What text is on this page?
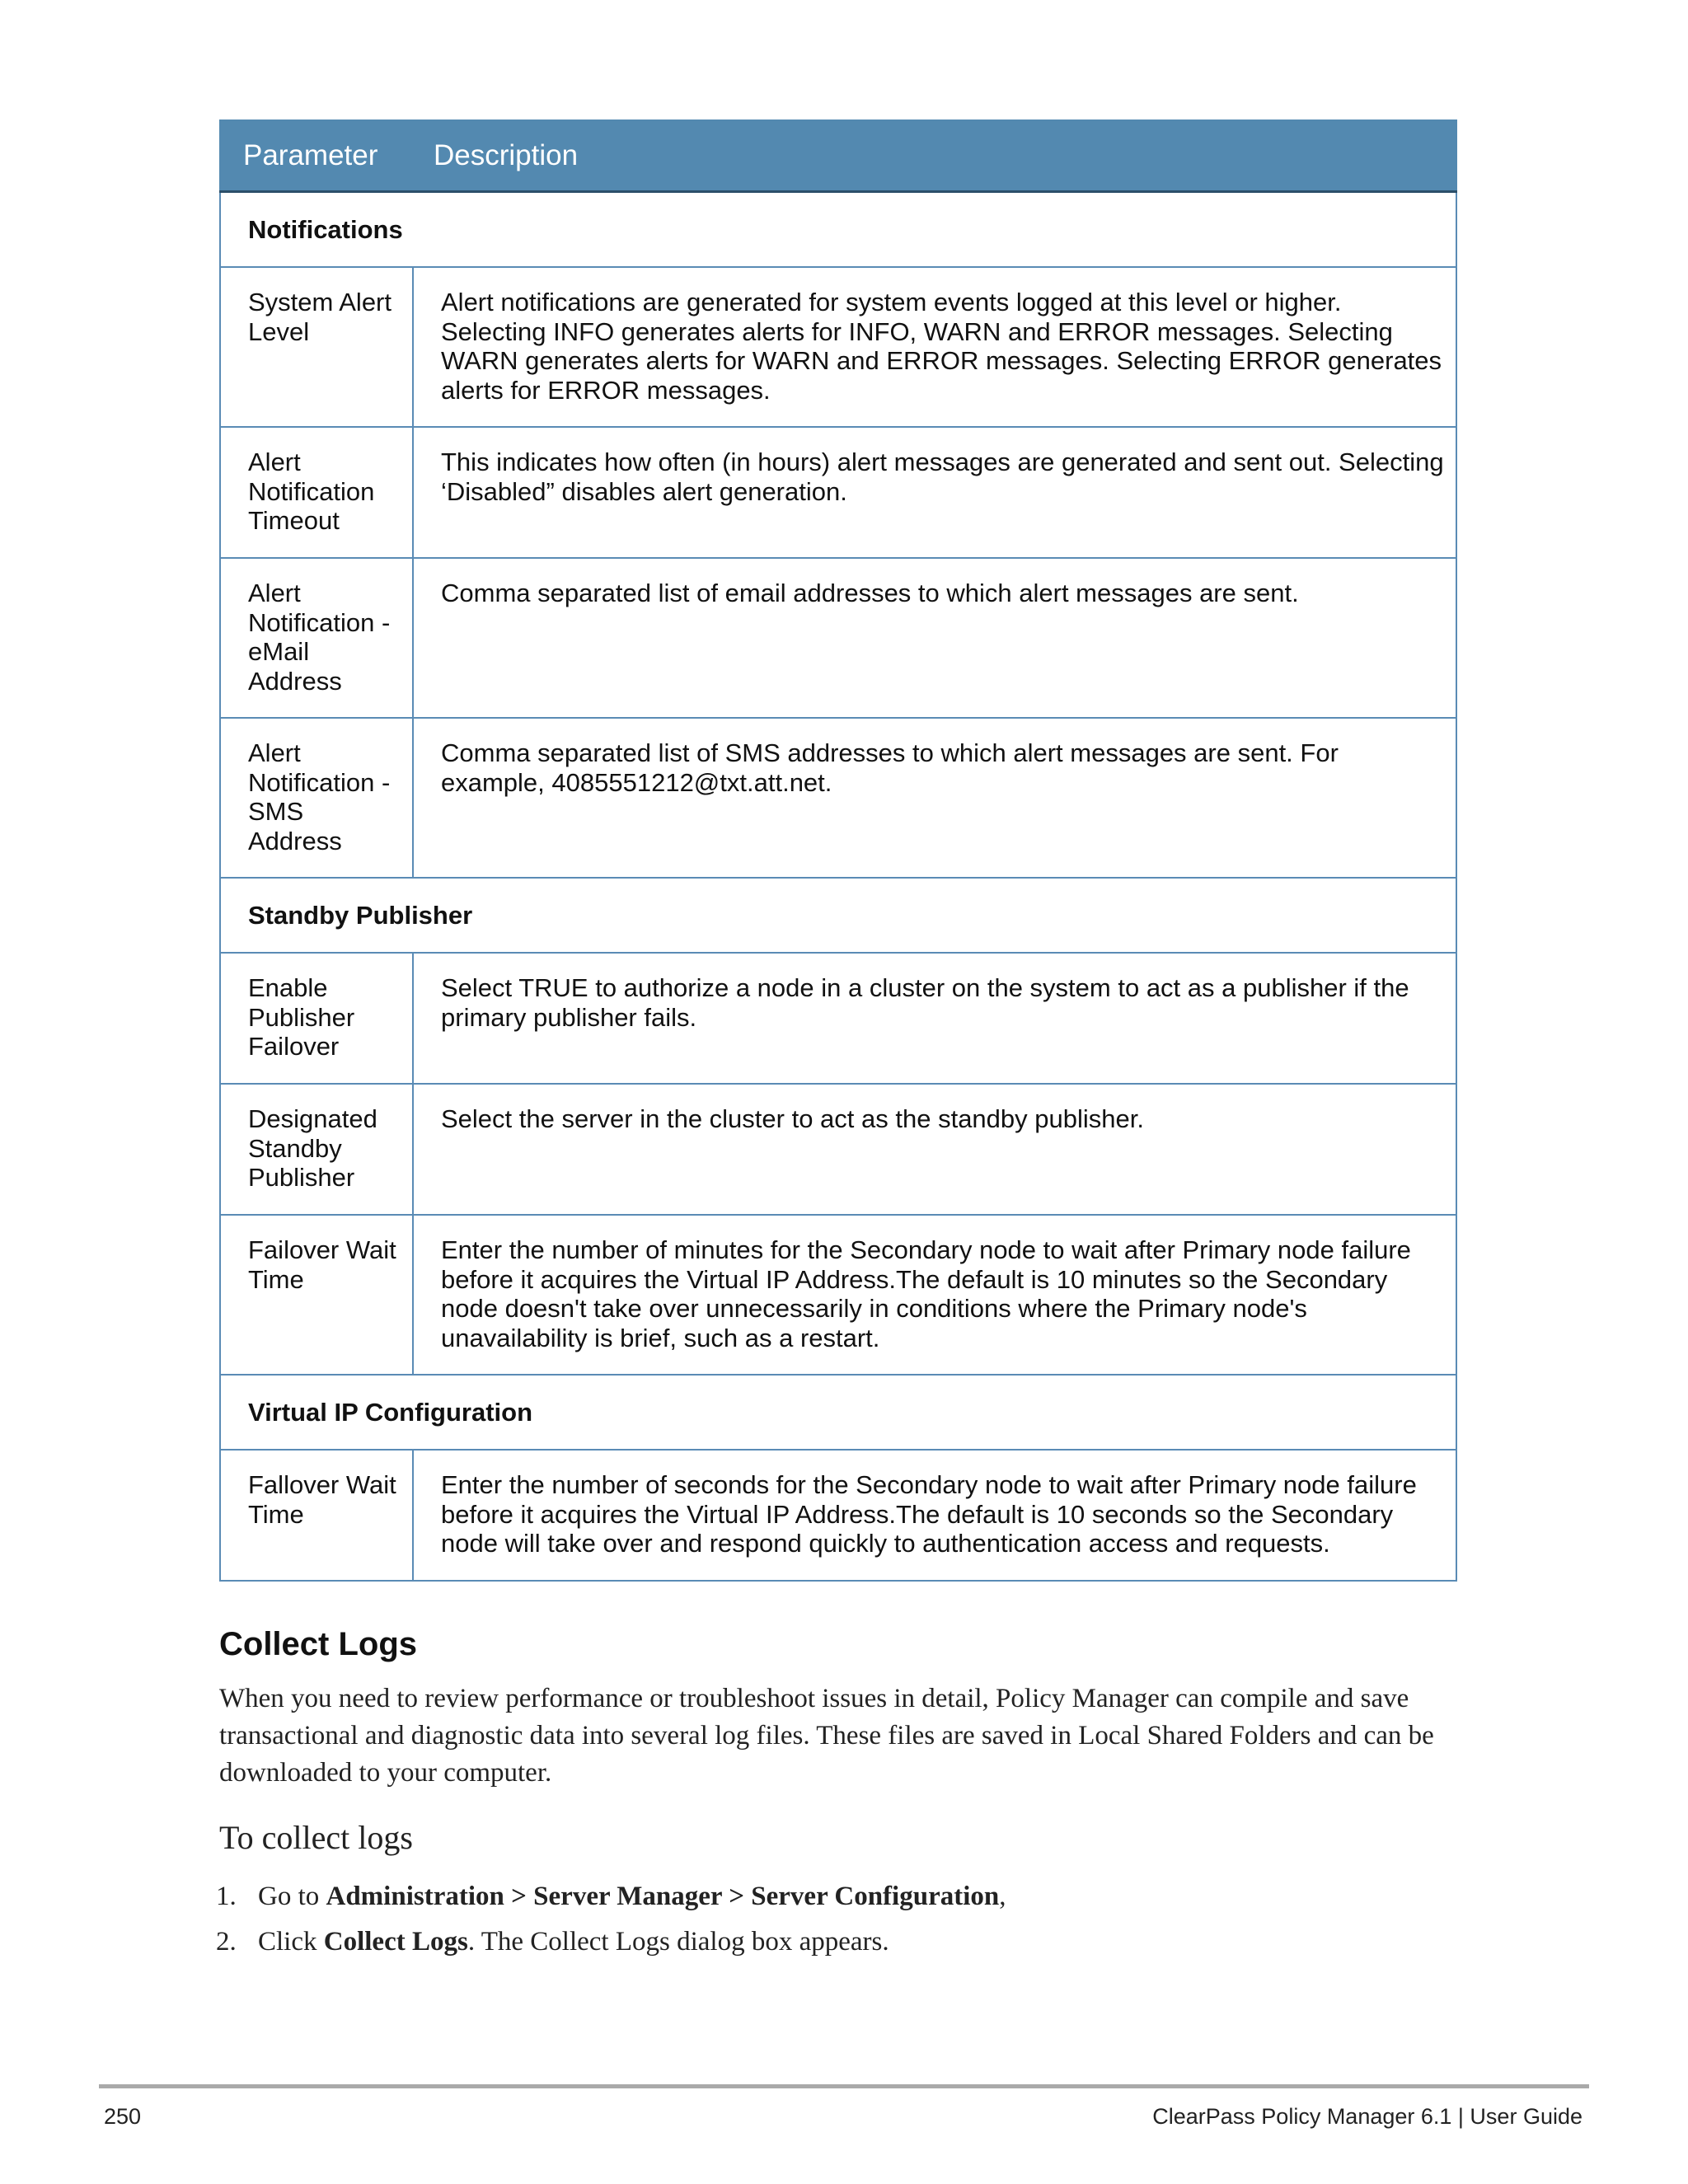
Parameter	Description
Notifications	
System Alert Level	Alert notifications are generated for system events logged at this level or higher. Selecting INFO generates alerts for INFO, WARN and ERROR messages. Selecting WARN generates alerts for WARN and ERROR messages. Selecting ERROR generates alerts for ERROR messages.
Alert Notification Timeout	This indicates how often (in hours) alert messages are generated and sent out. Selecting ‘Disabled” disables alert generation.
Alert Notification - eMail Address	Comma separated list of email addresses to which alert messages are sent.
Alert Notification - SMS Address	Comma separated list of SMS addresses to which alert messages are sent. For example, 4085551212@txt.att.net.
Standby Publisher	
Enable Publisher Failover	Select TRUE to authorize a node in a cluster on the system to act as a publisher if the primary publisher fails.
Designated Standby Publisher	Select the server in the cluster to act as the standby publisher.
Failover Wait Time	Enter the number of minutes for the Secondary node to wait after Primary node failure before it acquires the Virtual IP Address.The default is 10 minutes so the Secondary node doesn't take over unnecessarily in conditions where the Primary node's unavailability is brief, such as a restart.
Virtual IP Configuration	
Fallover Wait Time	Enter the number of seconds for the Secondary node to wait after Primary node failure before it acquires the Virtual IP Address.The default is 10 seconds so the Secondary node will take over and respond quickly to authentication access and requests.
Collect Logs

When you need to review performance or troubleshoot issues in detail, Policy Manager can compile and save transactional and diagnostic data into several log files. These files are saved in Local Shared Folders and can be downloaded to your computer.

To collect logs
1. Go to Administration > Server Manager > Server Configuration,
2. Click Collect Logs. The Collect Logs dialog box appears.
250	ClearPass Policy Manager 6.1 | User Guide
